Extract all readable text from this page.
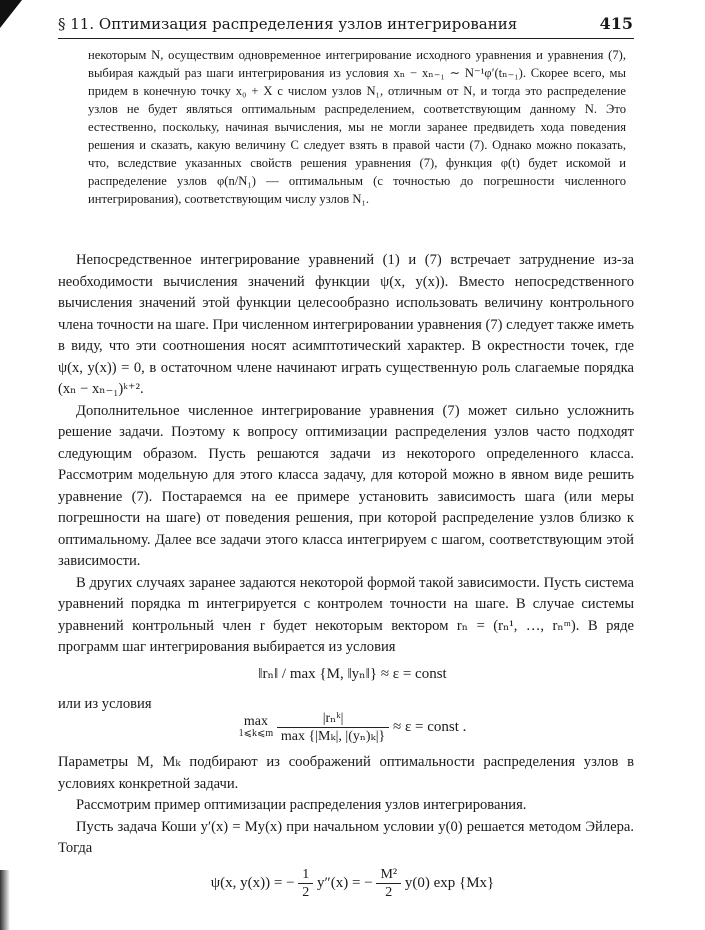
§ 11. Оптимизация распределения узлов интегрирования	415

некоторым N, осуществим одновременное интегрирование исходного уравнения и уравнения (7), выбирая каждый раз шаги интегрирования из условия xₙ − xₙ₋₁ ∼ N⁻¹φ′(tₙ₋₁). Скорее всего, мы придем в конечную точку x₀ + X с числом узлов N₁, отличным от N, и тогда это распределение узлов не будет являться оптимальным распределением, соответствующим данному N. Это естественно, поскольку, начиная вычисления, мы не могли заранее предвидеть хода поведения решения и сказать, какую величину C следует взять в правой части (7). Однако можно показать, что, вследствие указанных свойств решения уравнения (7), функция φ(t) будет искомой и распределение узлов φ(n/N₁) — оптимальным (с точностью до погрешности численного интегрирования), соответствующим числу узлов N₁.

Непосредственное интегрирование уравнений (1) и (7) встречает затруднение из-за необходимости вычисления значений функции ψ(x, y(x)). Вместо непосредственного вычисления значений этой функции целесообразно использовать величину контрольного члена точности на шаге. При численном интегрировании уравнения (7) следует также иметь в виду, что эти соотношения носят асимптотический характер. В окрестности точек, где ψ(x, y(x)) = 0, в остаточном члене начинают играть существенную роль слагаемые порядка (xₙ − xₙ₋₁)ᵏ⁺².

Дополнительное численное интегрирование уравнения (7) может сильно усложнить решение задачи. Поэтому к вопросу оптимизации распределения узлов часто подходят следующим образом. Пусть решаются задачи из некоторого определенного класса. Рассмотрим модельную для этого класса задачу, для которой можно в явном виде решить уравнение (7). Постараемся на ее примере установить зависимость шага (или меры погрешности на шаге) от поведения решения, при которой распределение узлов близко к оптимальному. Далее все задачи этого класса интегрируем с шагом, соответствующим этой зависимости.

В других случаях заранее задаются некоторой формой такой зависимости. Пусть система уравнений порядка m интегрируется с контролем точности на шаге. В случае системы уравнений контрольный член r будет некоторым вектором rₙ = (rₙ¹, …, rₙᵐ). В ряде программ шаг интегрирования выбирается из условия

‖rₙ‖ / max {M, ‖yₙ‖} ≈ ε = const

или из условия

max
1⩽k⩽m
$\frac{\text{|rₙᵏ|}}{\text{max \{|Mₖ|, |(yₙ)ₖ|\}}} \approx \varepsilon$ = const .

Параметры M, Mₖ подбирают из соображений оптимальности распределения узлов в условиях конкретной задачи.

Рассмотрим пример оптимизации распределения узлов интегрирования.

Пусть задача Коши y′(x) = My(x) при начальном условии y(0) решается методом Эйлера. Тогда

ψ(x, y(x)) = − $\frac{1}{2} y''(x)$ = − $\frac{\text{M²}}{2} y(0)$ exp {Mx}
